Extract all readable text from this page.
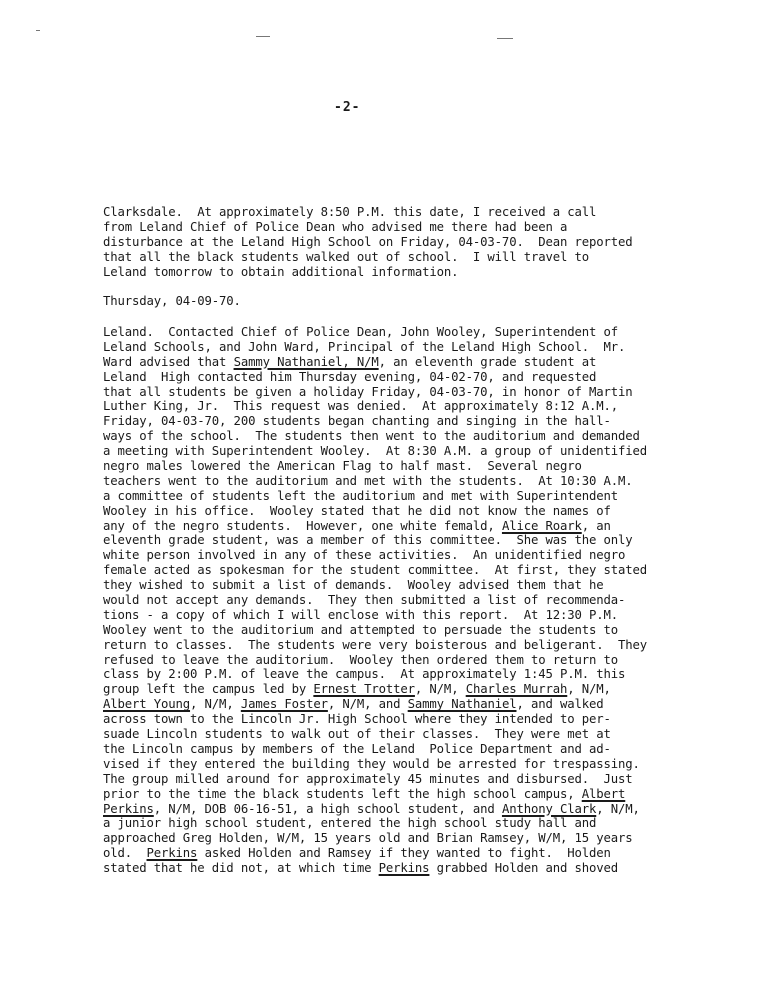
-2-
Clarksdale.  At approximately 8:50 P.M. this date, I received a call
from Leland Chief of Police Dean who advised me there had been a
disturbance at the Leland High School on Friday, 04-03-70.  Dean reported
that all the black students walked out of school.  I will travel to
Leland tomorrow to obtain additional information.
Thursday, 04-09-70.
Leland.  Contacted Chief of Police Dean, John Wooley, Superintendent of
Leland Schools, and John Ward, Principal of the Leland High School.  Mr.
Ward advised that Sammy Nathaniel, N/M, an eleventh grade student at
Leland  High contacted him Thursday evening, 04-02-70, and requested
that all students be given a holiday Friday, 04-03-70, in honor of Martin
Luther King, Jr.  This request was denied.  At approximately 8:12 A.M.,
Friday, 04-03-70, 200 students began chanting and singing in the hall-
ways of the school.  The students then went to the auditorium and demanded
a meeting with Superintendent Wooley.  At 8:30 A.M. a group of unidentified
negro males lowered the American Flag to half mast.  Several negro
teachers went to the auditorium and met with the students.  At 10:30 A.M.
a committee of students left the auditorium and met with Superintendent
Wooley in his office.  Wooley stated that he did not know the names of
any of the negro students.  However, one white femald, Alice Roark, an
eleventh grade student, was a member of this committee.  She was the only
white person involved in any of these activities.  An unidentified negro
female acted as spokesman for the student committee.  At first, they stated
they wished to submit a list of demands.  Wooley advised them that he
would not accept any demands.  They then submitted a list of recommenda-
tions - a copy of which I will enclose with this report.  At 12:30 P.M.
Wooley went to the auditorium and attempted to persuade the students to
return to classes.  The students were very boisterous and beligerant.  They
refused to leave the auditorium.  Wooley then ordered them to return to
class by 2:00 P.M. of leave the campus.  At approximately 1:45 P.M. this
group left the campus led by Ernest Trotter, N/M, Charles Murrah, N/M,
Albert Young, N/M, James Foster, N/M, and Sammy Nathaniel, and walked
across town to the Lincoln Jr. High School where they intended to per-
suade Lincoln students to walk out of their classes.  They were met at
the Lincoln campus by members of the Leland  Police Department and ad-
vised if they entered the building they would be arrested for trespassing.
The group milled around for approximately 45 minutes and disbursed.  Just
prior to the time the black students left the high school campus, Albert
Perkins, N/M, DOB 06-16-51, a high school student, and Anthony Clark, N/M,
a junior high school student, entered the high school study hall and
approached Greg Holden, W/M, 15 years old and Brian Ramsey, W/M, 15 years
old.  Perkins asked Holden and Ramsey if they wanted to fight.  Holden
stated that he did not, at which time Perkins grabbed Holden and shoved
